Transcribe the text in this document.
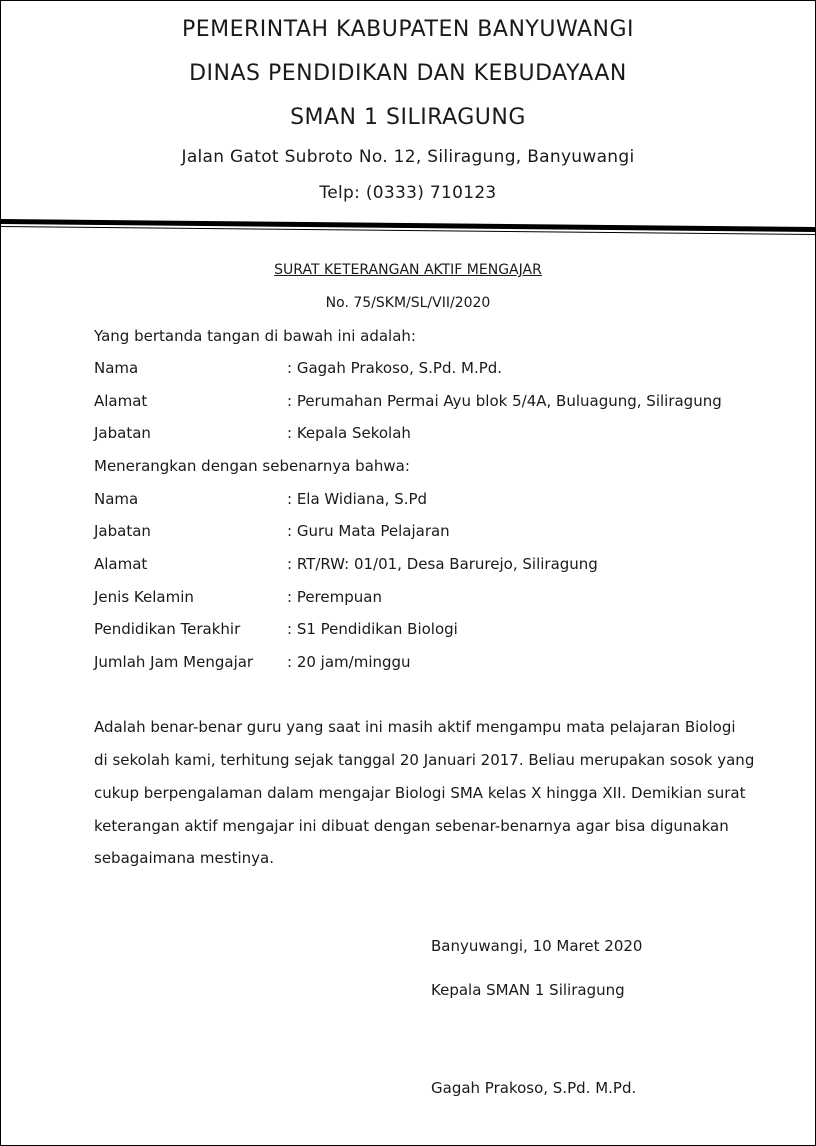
PEMERINTAH KABUPATEN BANYUWANGI
DINAS PENDIDIKAN DAN KEBUDAYAAN
SMAN 1 SILIRAGUNG
Jalan Gatot Subroto No. 12, Siliragung, Banyuwangi
Telp: (0333) 710123
SURAT KETERANGAN AKTIF MENGAJAR
No. 75/SKM/SL/VII/2020
Yang bertanda tangan di bawah ini adalah:
Nama	: Gagah Prakoso, S.Pd. M.Pd.
Alamat	: Perumahan Permai Ayu blok 5/4A, Buluagung, Siliragung
Jabatan	: Kepala Sekolah
Menerangkan dengan sebenarnya bahwa:
Nama	: Ela Widiana, S.Pd
Jabatan	: Guru Mata Pelajaran
Alamat	: RT/RW: 01/01, Desa Barurejo, Siliragung
Jenis Kelamin	: Perempuan
Pendidikan Terakhir	: S1 Pendidikan Biologi
Jumlah Jam Mengajar : 20 jam/minggu
Adalah benar-benar guru yang saat ini masih aktif mengampu mata pelajaran Biologi
di sekolah kami, terhitung sejak tanggal 20 Januari 2017. Beliau merupakan sosok yang
cukup berpengalaman dalam mengajar Biologi SMA kelas X hingga XII. Demikian surat
keterangan aktif mengajar ini dibuat dengan sebenar-benarnya agar bisa digunakan
sebagaimana mestinya.
Banyuwangi, 10 Maret 2020
Kepala SMAN 1 Siliragung
Gagah Prakoso, S.Pd. M.Pd.
